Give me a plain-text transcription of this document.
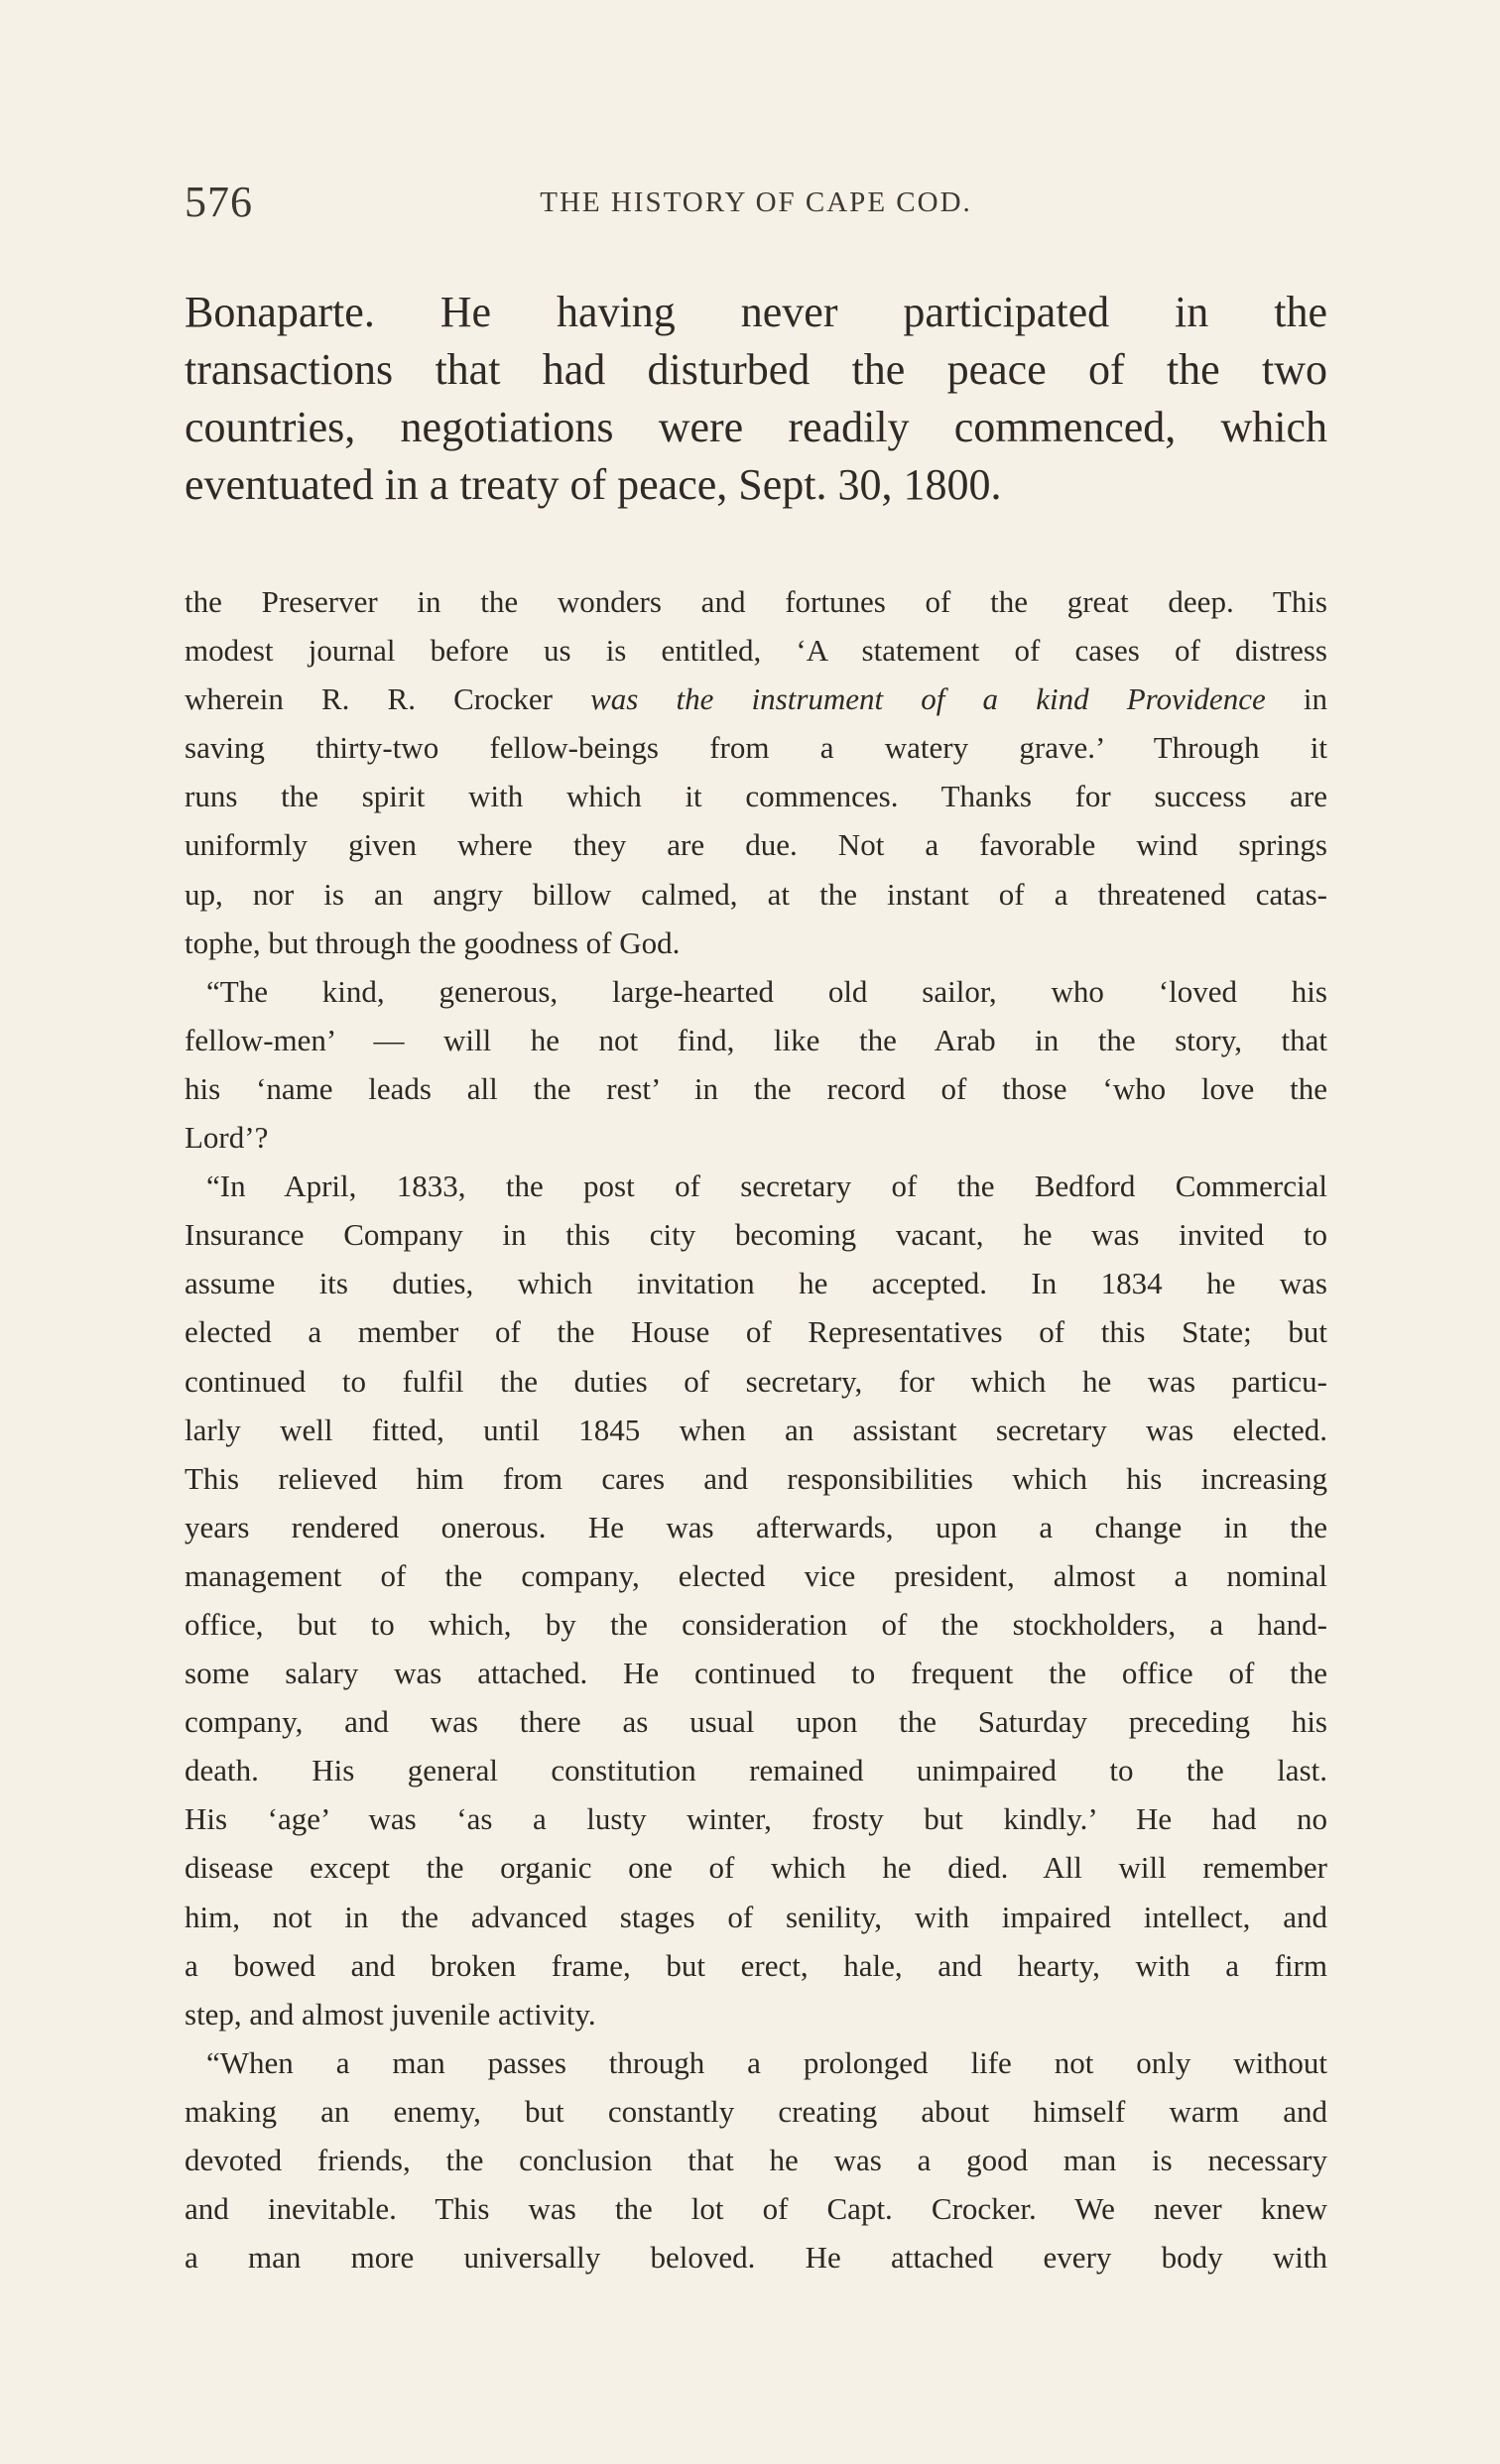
576	THE HISTORY OF CAPE COD.
Bonaparte. He having never participated in the
transactions that had disturbed the peace of the two
countries, negotiations were readily commenced, which
eventuated in a treaty of peace, Sept. 30, 1800.
the Preserver in the wonders and fortunes of the great deep. This
modest journal before us is entitled, ‘A statement of cases of distress
wherein R. R. Crocker was the instrument of a kind Providence in
saving thirty-two fellow-beings from a watery grave.’ Through it
runs the spirit with which it commences. Thanks for success are
uniformly given where they are due. Not a favorable wind springs
up, nor is an angry billow calmed, at the instant of a threatened catas-
tophe, but through the goodness of God.
“The kind, generous, large-hearted old sailor, who ‘loved his
fellow-men’ — will he not find, like the Arab in the story, that
his ‘name leads all the rest’ in the record of those ‘who love the
Lord’?
“In April, 1833, the post of secretary of the Bedford Commercial
Insurance Company in this city becoming vacant, he was invited to
assume its duties, which invitation he accepted. In 1834 he was
elected a member of the House of Representatives of this State; but
continued to fulfil the duties of secretary, for which he was particu-
larly well fitted, until 1845 when an assistant secretary was elected.
This relieved him from cares and responsibilities which his increasing
years rendered onerous. He was afterwards, upon a change in the
management of the company, elected vice president, almost a nominal
office, but to which, by the consideration of the stockholders, a hand-
some salary was attached. He continued to frequent the office of the
company, and was there as usual upon the Saturday preceding his
death. His general constitution remained unimpaired to the last.
His ‘age’ was ‘as a lusty winter, frosty but kindly.’ He had no
disease except the organic one of which he died. All will remember
him, not in the advanced stages of senility, with impaired intellect, and
a bowed and broken frame, but erect, hale, and hearty, with a firm
step, and almost juvenile activity.
“When a man passes through a prolonged life not only without
making an enemy, but constantly creating about himself warm and
devoted friends, the conclusion that he was a good man is necessary
and inevitable. This was the lot of Capt. Crocker. We never knew
a man more universally beloved. He attached every body with
